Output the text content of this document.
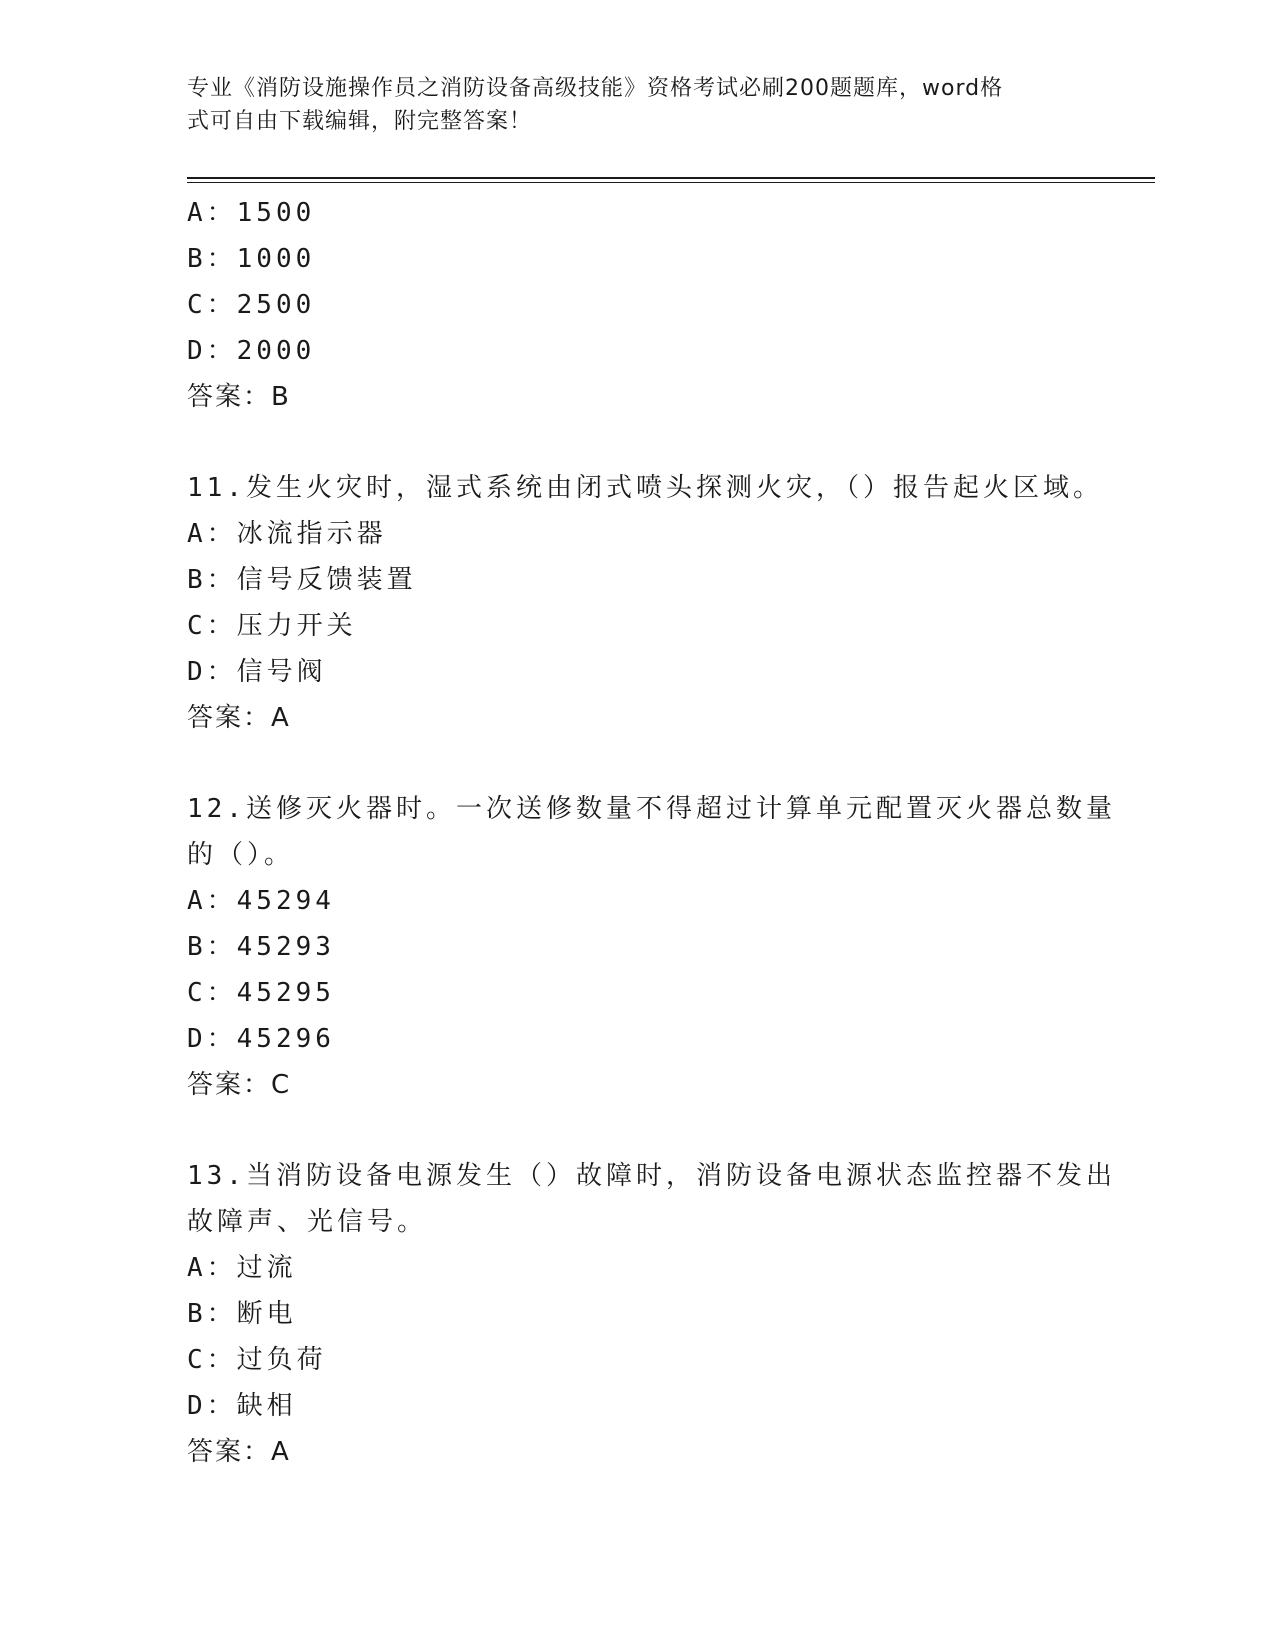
专业《消防设施操作员之消防设备高级技能》资格考试必刷200题题库，word格
式可自由下载编辑，附完整答案！
A：1500
B：1000
C：2500
D：2000
答案：B
11.发生火灾时，湿式系统由闭式喷头探测火灾，（）报告起火区域。
A：冰流指示器
B：信号反馈装置
C：压力开关
D：信号阀
答案：A
12.送修灭火器时。一次送修数量不得超过计算单元配置灭火器总数量
的（）。
A：45294
B：45293
C：45295
D：45296
答案：C
13.当消防设备电源发生（）故障时，消防设备电源状态监控器不发出
故障声、光信号。
A：过流
B：断电
C：过负荷
D：缺相
答案：A
